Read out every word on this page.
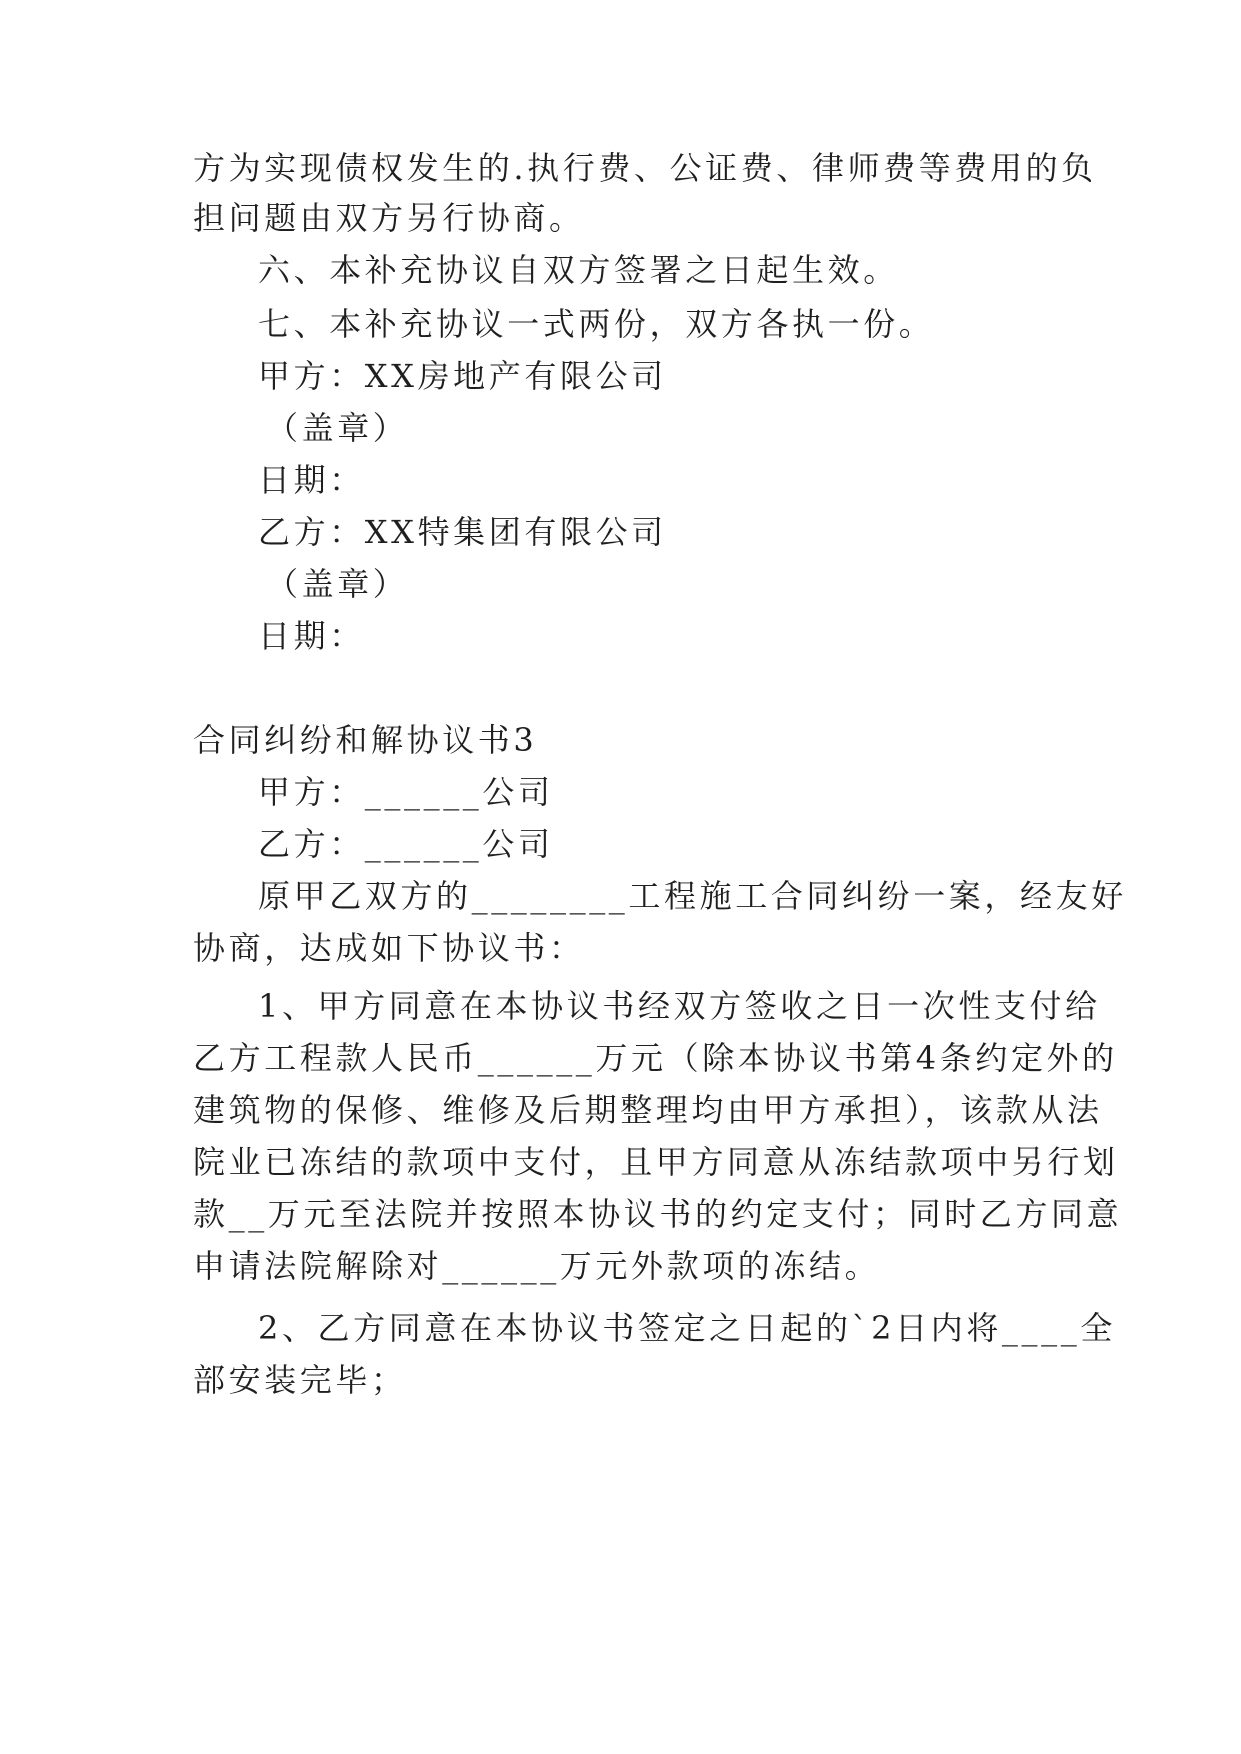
方为实现债权发生的.执行费、公证费、律师费等费用的负
担问题由双方另行协商。
六、本补充协议自双方签署之日起生效。
七、本补充协议一式两份，双方各执一份。
甲方：XX房地产有限公司
（盖章）
日期：
乙方：XX特集团有限公司
（盖章）
日期：
合同纠纷和解协议书3
甲方：______公司
乙方：______公司
原甲乙双方的________工程施工合同纠纷一案，经友好
协商，达成如下协议书：
1、甲方同意在本协议书经双方签收之日一次性支付给
乙方工程款人民币______万元（除本协议书第4条约定外的
建筑物的保修、维修及后期整理均由甲方承担），该款从法
院业已冻结的款项中支付，且甲方同意从冻结款项中另行划
款__万元至法院并按照本协议书的约定支付；同时乙方同意
申请法院解除对______万元外款项的冻结。
2、乙方同意在本协议书签定之日起的`2日内将____全
部安装完毕；
